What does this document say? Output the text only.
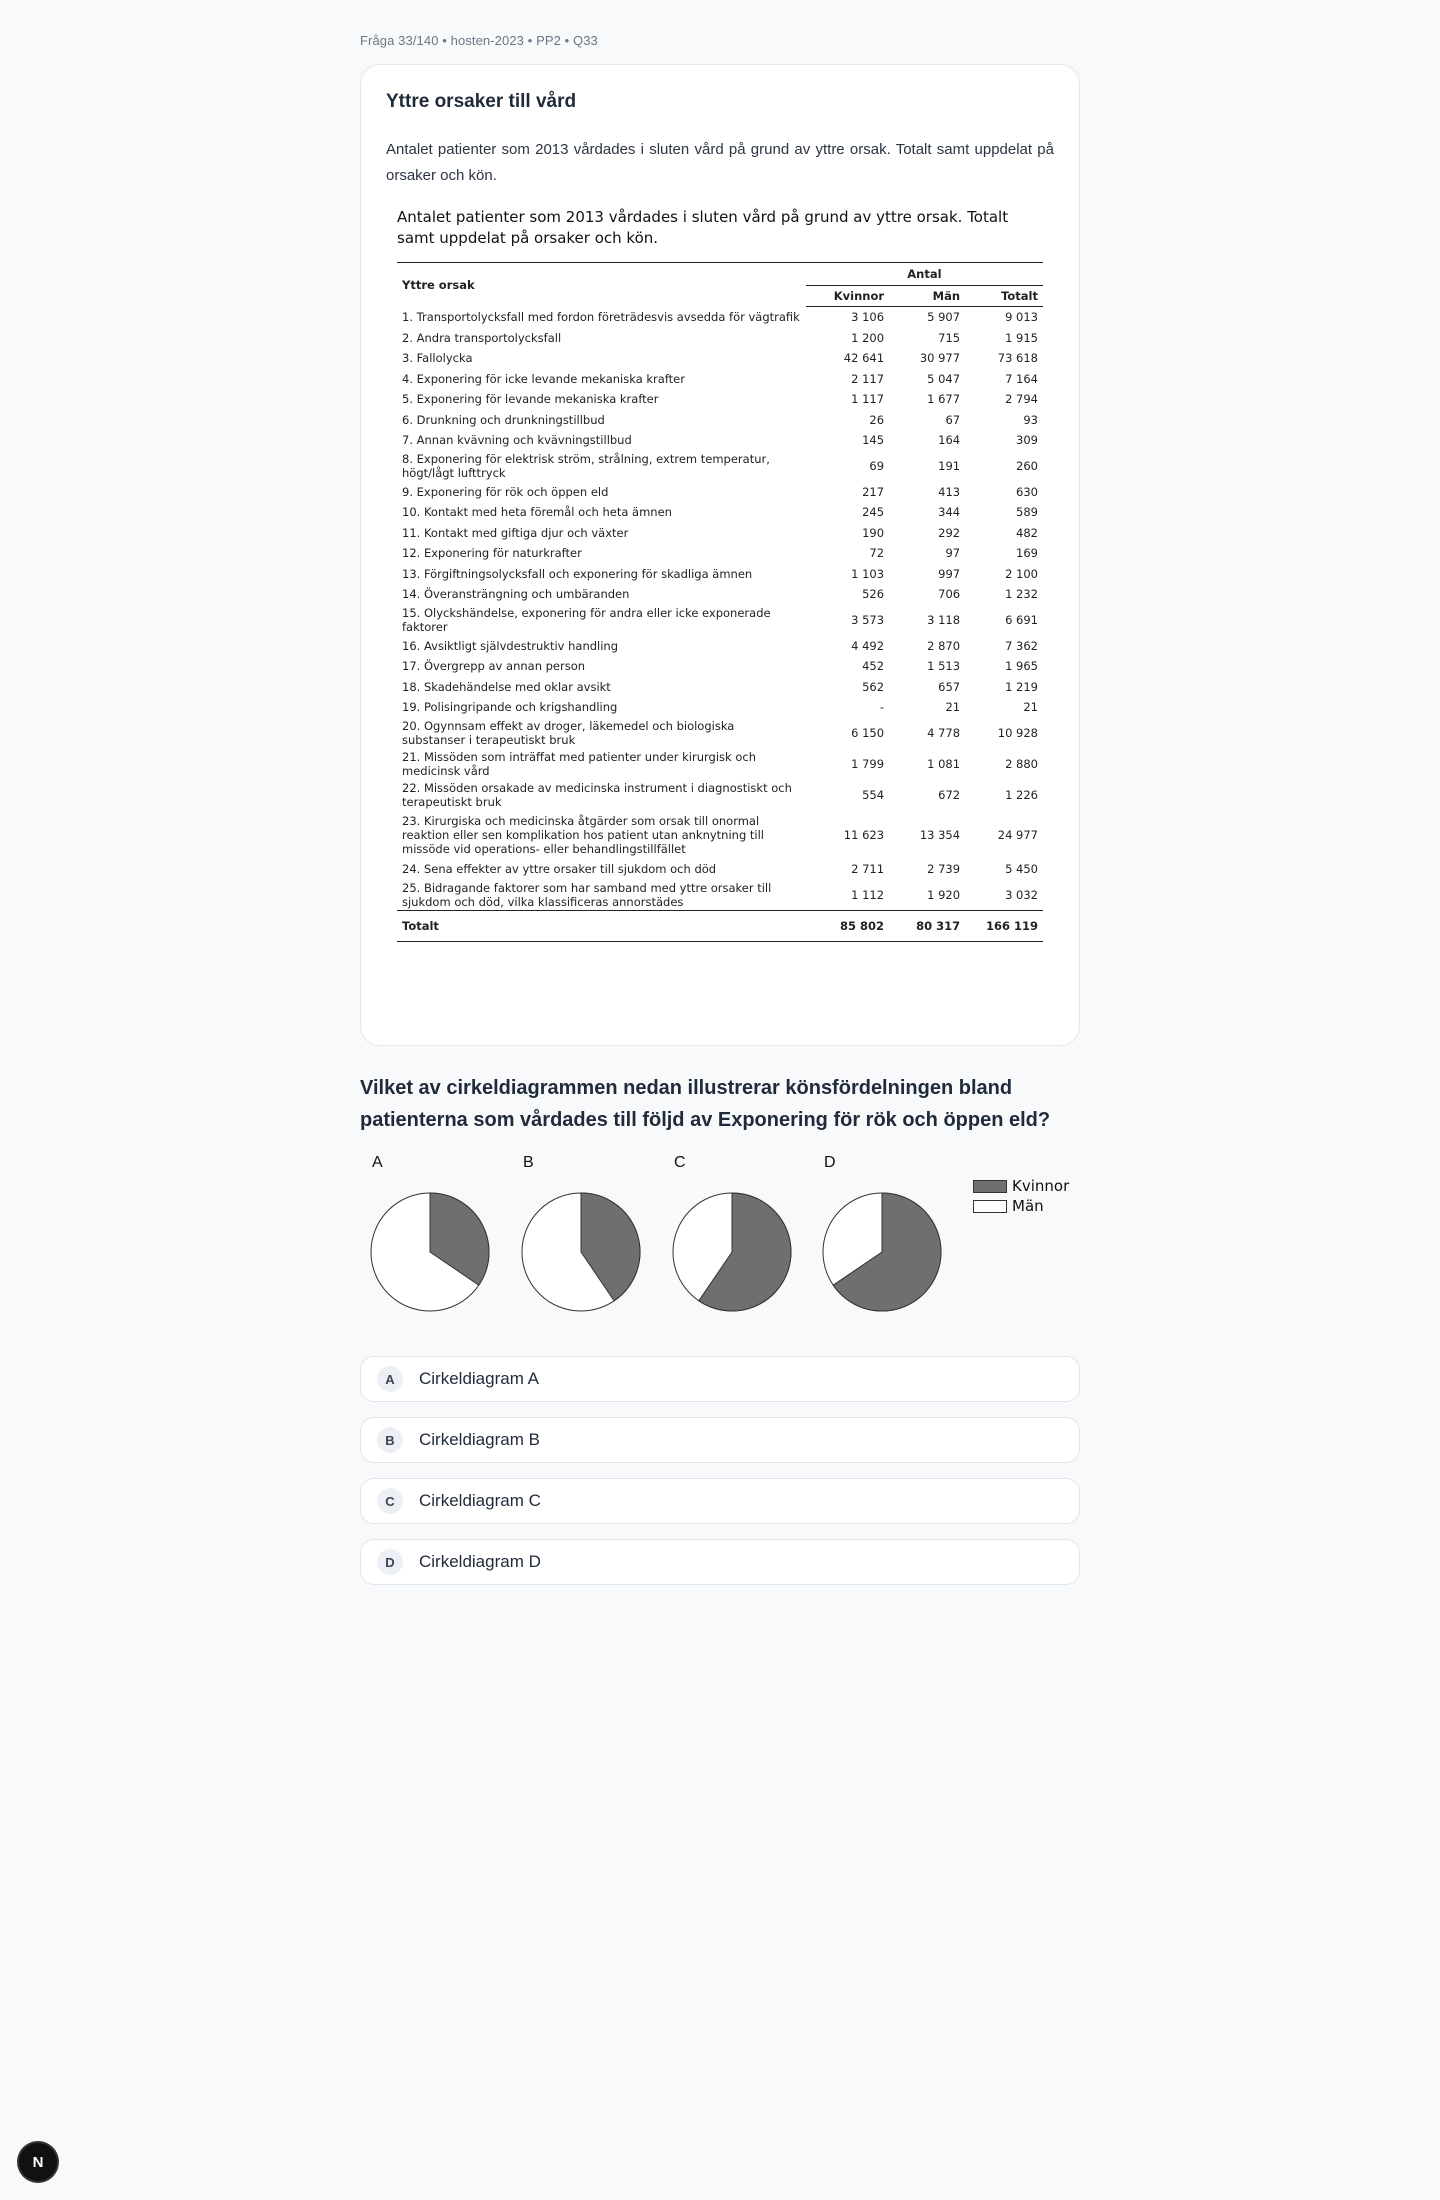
Fråga 33/140 • hosten-2023 • PP2 • Q33
Yttre orsaker till vård
Antalet patienter som 2013 vårdades i sluten vård på grund av yttre orsak. Totalt samt uppdelat på orsaker och kön.
Antalet patienter som 2013 vårdades i sluten vård på grund av yttre orsak. Totalt samt uppdelat på orsaker och kön.
Yttre orsak	Antal		
	Kvinnor	Män	Totalt
1. Transportolycksfall med fordon företrädesvis avsedda för vägtrafik	3 106	5 907	9 013
2. Andra transportolycksfall	1 200	715	1 915
3. Fallolycka	42 641	30 977	73 618
4. Exponering för icke levande mekaniska krafter	2 117	5 047	7 164
5. Exponering för levande mekaniska krafter	1 117	1 677	2 794
6. Drunkning och drunkningstillbud	26	67	93
7. Annan kvävning och kvävningstillbud	145	164	309
8. Exponering för elektrisk ström, strålning, extrem temperatur, högt/lågt lufttryck	69	191	260
9. Exponering för rök och öppen eld	217	413	630
10. Kontakt med heta föremål och heta ämnen	245	344	589
11. Kontakt med giftiga djur och växter	190	292	482
12. Exponering för naturkrafter	72	97	169
13. Förgiftningsolycksfall och exponering för skadliga ämnen	1 103	997	2 100
14. Överansträngning och umbäranden	526	706	1 232
15. Olyckshändelse, exponering för andra eller icke exponerade faktorer	3 573	3 118	6 691
16. Avsiktligt självdestruktiv handling	4 492	2 870	7 362
17. Övergrepp av annan person	452	1 513	1 965
18. Skadehändelse med oklar avsikt	562	657	1 219
19. Polisingripande och krigshandling	-	21	21
20. Ogynnsam effekt av droger, läkemedel och biologiska substanser i terapeutiskt bruk	6 150	4 778	10 928
21. Missöden som inträffat med patienter under kirurgisk och medicinsk vård	1 799	1 081	2 880
22. Missöden orsakade av medicinska instrument i diagnostiskt och terapeutiskt bruk	554	672	1 226
23. Kirurgiska och medicinska åtgärder som orsak till onormal reaktion eller sen komplikation hos patient utan anknytning till missöde vid operations- eller behandlingstillfället	11 623	13 354	24 977
24. Sena effekter av yttre orsaker till sjukdom och död	2 711	2 739	5 450
25. Bidragande faktorer som har samband med yttre orsaker till sjukdom och död, vilka klassificeras annorstädes	1 112	1 920	3 032
Totalt	85 802	80 317	166 119
Vilket av cirkeldiagrammen nedan illustrerar könsfördelningen bland patienterna som vårdades till följd av Exponering för rök och öppen eld?
Kvinnor
Män
A	B	C	D
A	Cirkeldiagram A
B	Cirkeldiagram B
C	Cirkeldiagram C
D	Cirkeldiagram D
N
